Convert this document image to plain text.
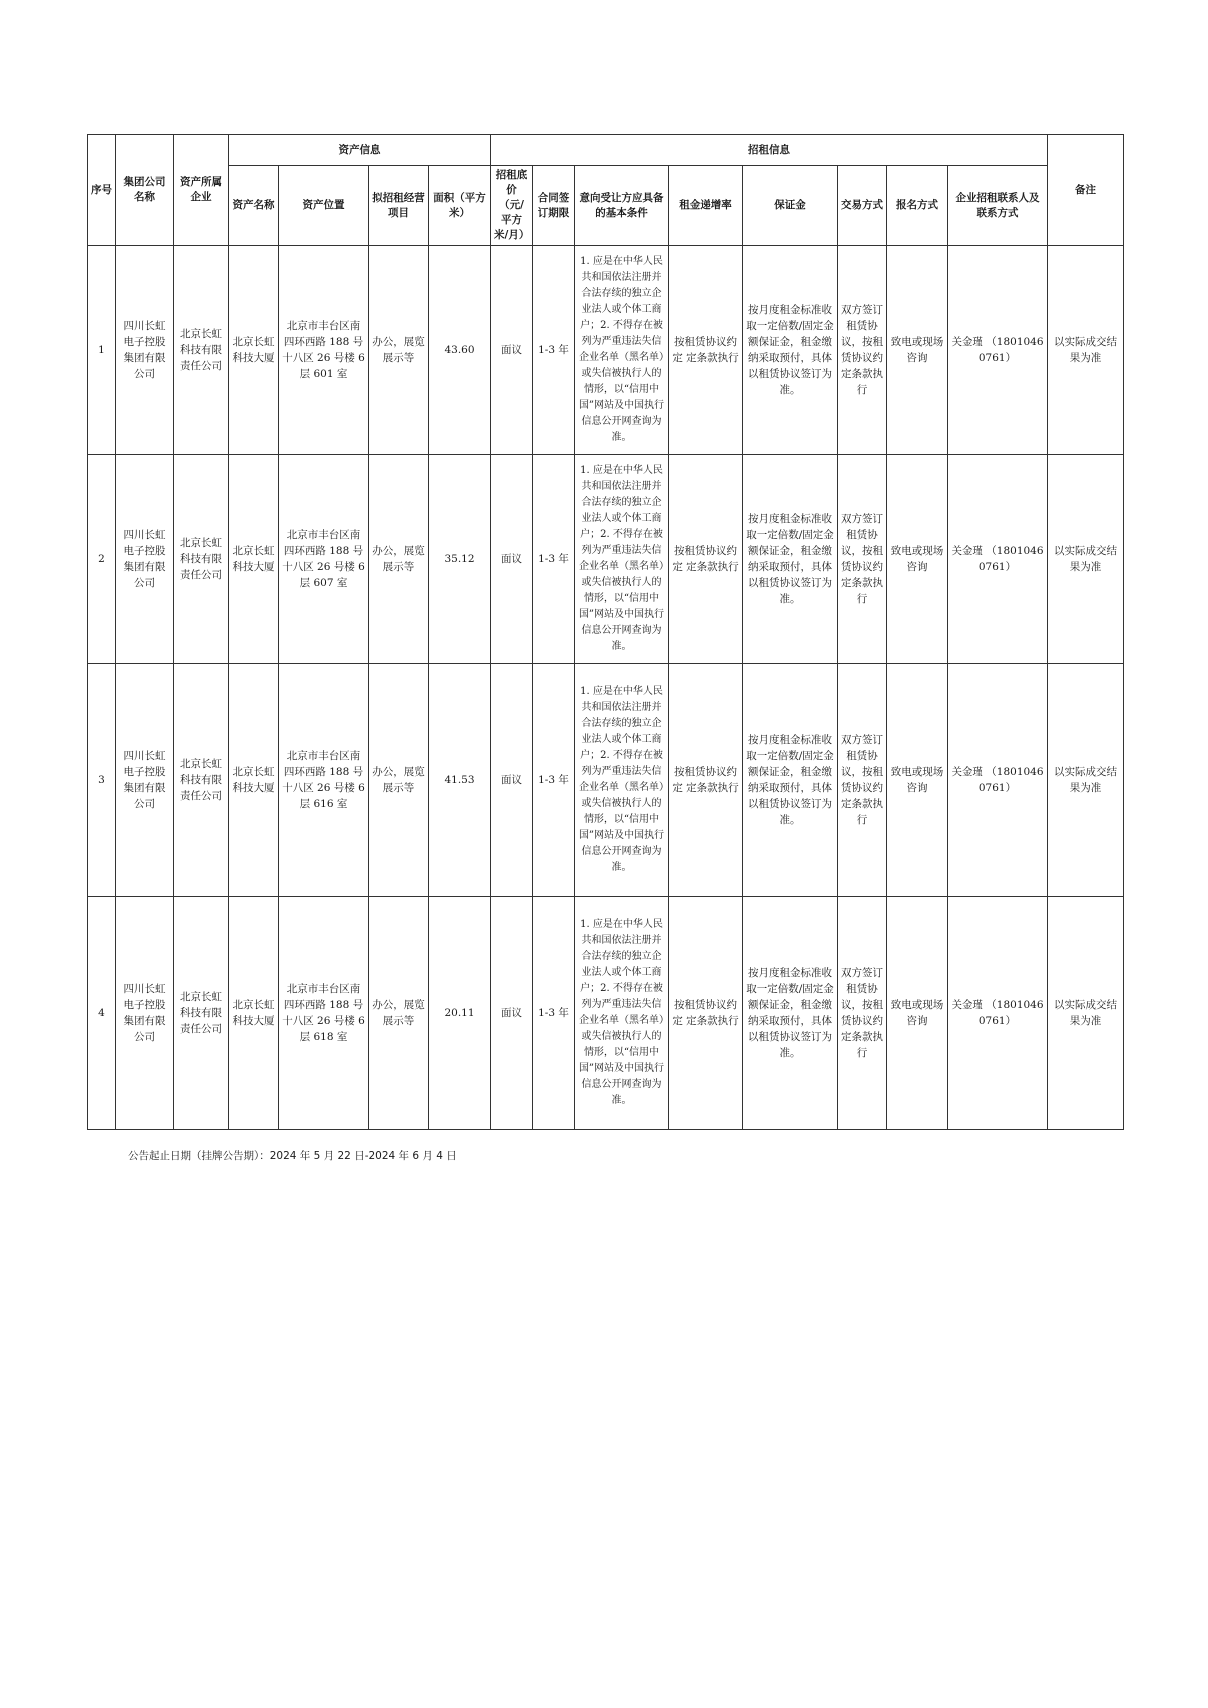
序号	集团公司名称	资产所属企业	资产信息				招租信息								备注
			资产名称	资产位置	拟招租经营项目	面积（平方米）	招租底价（元/平方米/月）	合同签订期限	意向受让方应具备的基本条件	租金递增率	保证金	交易方式	报名方式	企业招租联系人及联系方式	
1	四川长虹电子控股集团有限公司	北京长虹科技有限责任公司	北京长虹科技大厦	北京市丰台区南四环西路 188 号十八区 26 号楼 6 层 601 室	办公，展览展示等	43.60	面议	1-3 年	1. 应是在中华人民共和国依法注册并合法存续的独立企业法人或个体工商户；2. 不得存在被列为严重违法失信企业名单（黑名单）或失信被执行人的情形，以“信用中国”网站及中国执行信息公开网查询为准。	按租赁协议约定 定条款执行	按月度租金标准收取一定倍数/固定金额保证金，租金缴纳采取预付，具体以租赁协议签订为准。	双方签订租赁协议，按租赁协议约定条款执行	致电或现场咨询	关金瑾 （18010460761）	以实际成交结果为准
2	四川长虹电子控股集团有限公司	北京长虹科技有限责任公司	北京长虹科技大厦	北京市丰台区南四环西路 188 号十八区 26 号楼 6 层 607 室	办公，展览展示等	35.12	面议	1-3 年	1. 应是在中华人民共和国依法注册并合法存续的独立企业法人或个体工商户；2. 不得存在被列为严重违法失信企业名单（黑名单）或失信被执行人的情形，以“信用中国”网站及中国执行信息公开网查询为准。	按租赁协议约定 定条款执行	按月度租金标准收取一定倍数/固定金额保证金，租金缴纳采取预付，具体以租赁协议签订为准。	双方签订租赁协议，按租赁协议约定条款执行	致电或现场咨询	关金瑾 （18010460761）	以实际成交结果为准
3	四川长虹电子控股集团有限公司	北京长虹科技有限责任公司	北京长虹科技大厦	北京市丰台区南四环西路 188 号十八区 26 号楼 6 层 616 室	办公，展览展示等	41.53	面议	1-3 年	1. 应是在中华人民共和国依法注册并合法存续的独立企业法人或个体工商户；2. 不得存在被列为严重违法失信企业名单（黑名单）或失信被执行人的情形，以“信用中国”网站及中国执行信息公开网查询为准。	按租赁协议约定 定条款执行	按月度租金标准收取一定倍数/固定金额保证金，租金缴纳采取预付，具体以租赁协议签订为准。	双方签订租赁协议，按租赁协议约定条款执行	致电或现场咨询	关金瑾 （18010460761）	以实际成交结果为准
4	四川长虹电子控股集团有限公司	北京长虹科技有限责任公司	北京长虹科技大厦	北京市丰台区南四环西路 188 号十八区 26 号楼 6 层 618 室	办公，展览展示等	20.11	面议	1-3 年	1. 应是在中华人民共和国依法注册并合法存续的独立企业法人或个体工商户；2. 不得存在被列为严重违法失信企业名单（黑名单）或失信被执行人的情形，以“信用中国”网站及中国执行信息公开网查询为准。	按租赁协议约定 定条款执行	按月度租金标准收取一定倍数/固定金额保证金，租金缴纳采取预付，具体以租赁协议签订为准。	双方签订租赁协议，按租赁协议约定条款执行	致电或现场咨询	关金瑾 （18010460761）	以实际成交结果为准
公告起止日期（挂牌公告期）：2024 年 5 月 22 日-2024 年 6 月 4 日
